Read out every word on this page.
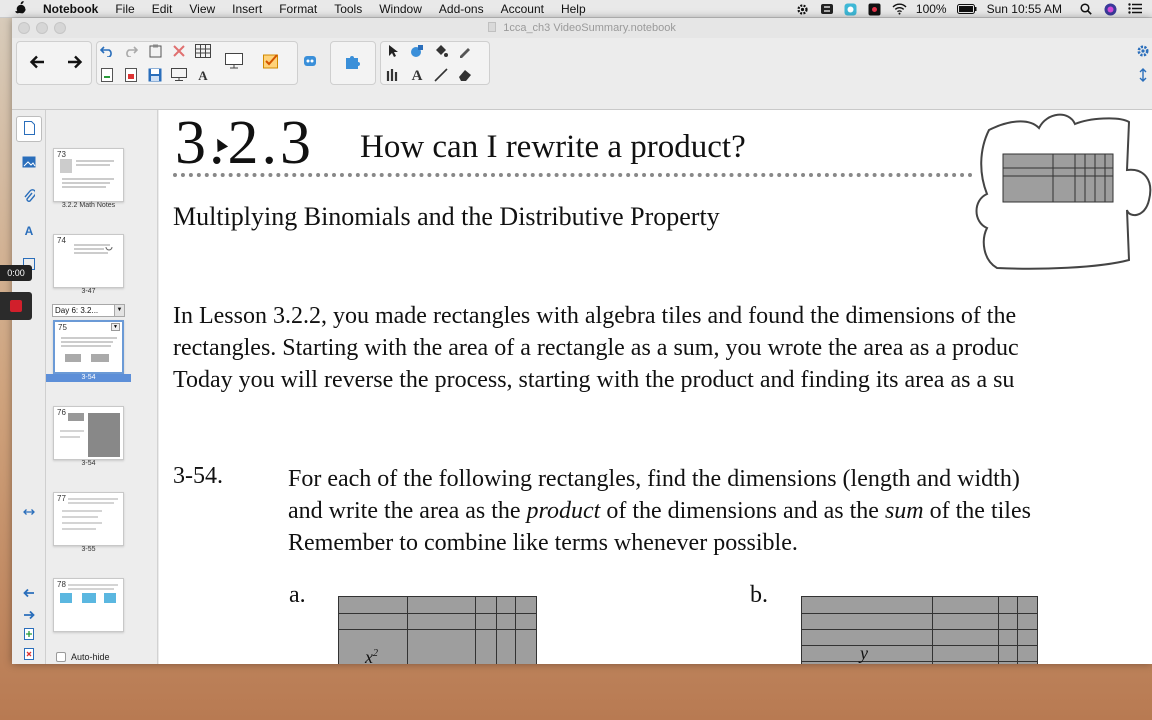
Notebook File Edit View Insert Format Tools Window Add-ons Account Help	100%	Sun 10:55 AM
1cca_ch3 VideoSummary.notebook
A	A
A
73
3.2.2 Math Notes
74
3-47
Day 6: 3.2...	▼
75	▼
3-54
76
3-54
77
3-55
78
Auto-hide
3.2.3 How can I rewrite a product?
Multiplying Binomials and the Distributive Property
In Lesson 3.2.2, you made rectangles with algebra tiles and found the dimensions of the
rectangles. Starting with the area of a rectangle as a sum, you wrote the area as a produc
Today you will reverse the process, starting with the product and finding its area as a su
3-54.	For each of the following rectangles, find the dimensions (length and width)
and write the area as the product of the dimensions and as the sum of the tiles
Remember to combine like terms whenever possible.
a.
$x^2$
b.
y
0:00
